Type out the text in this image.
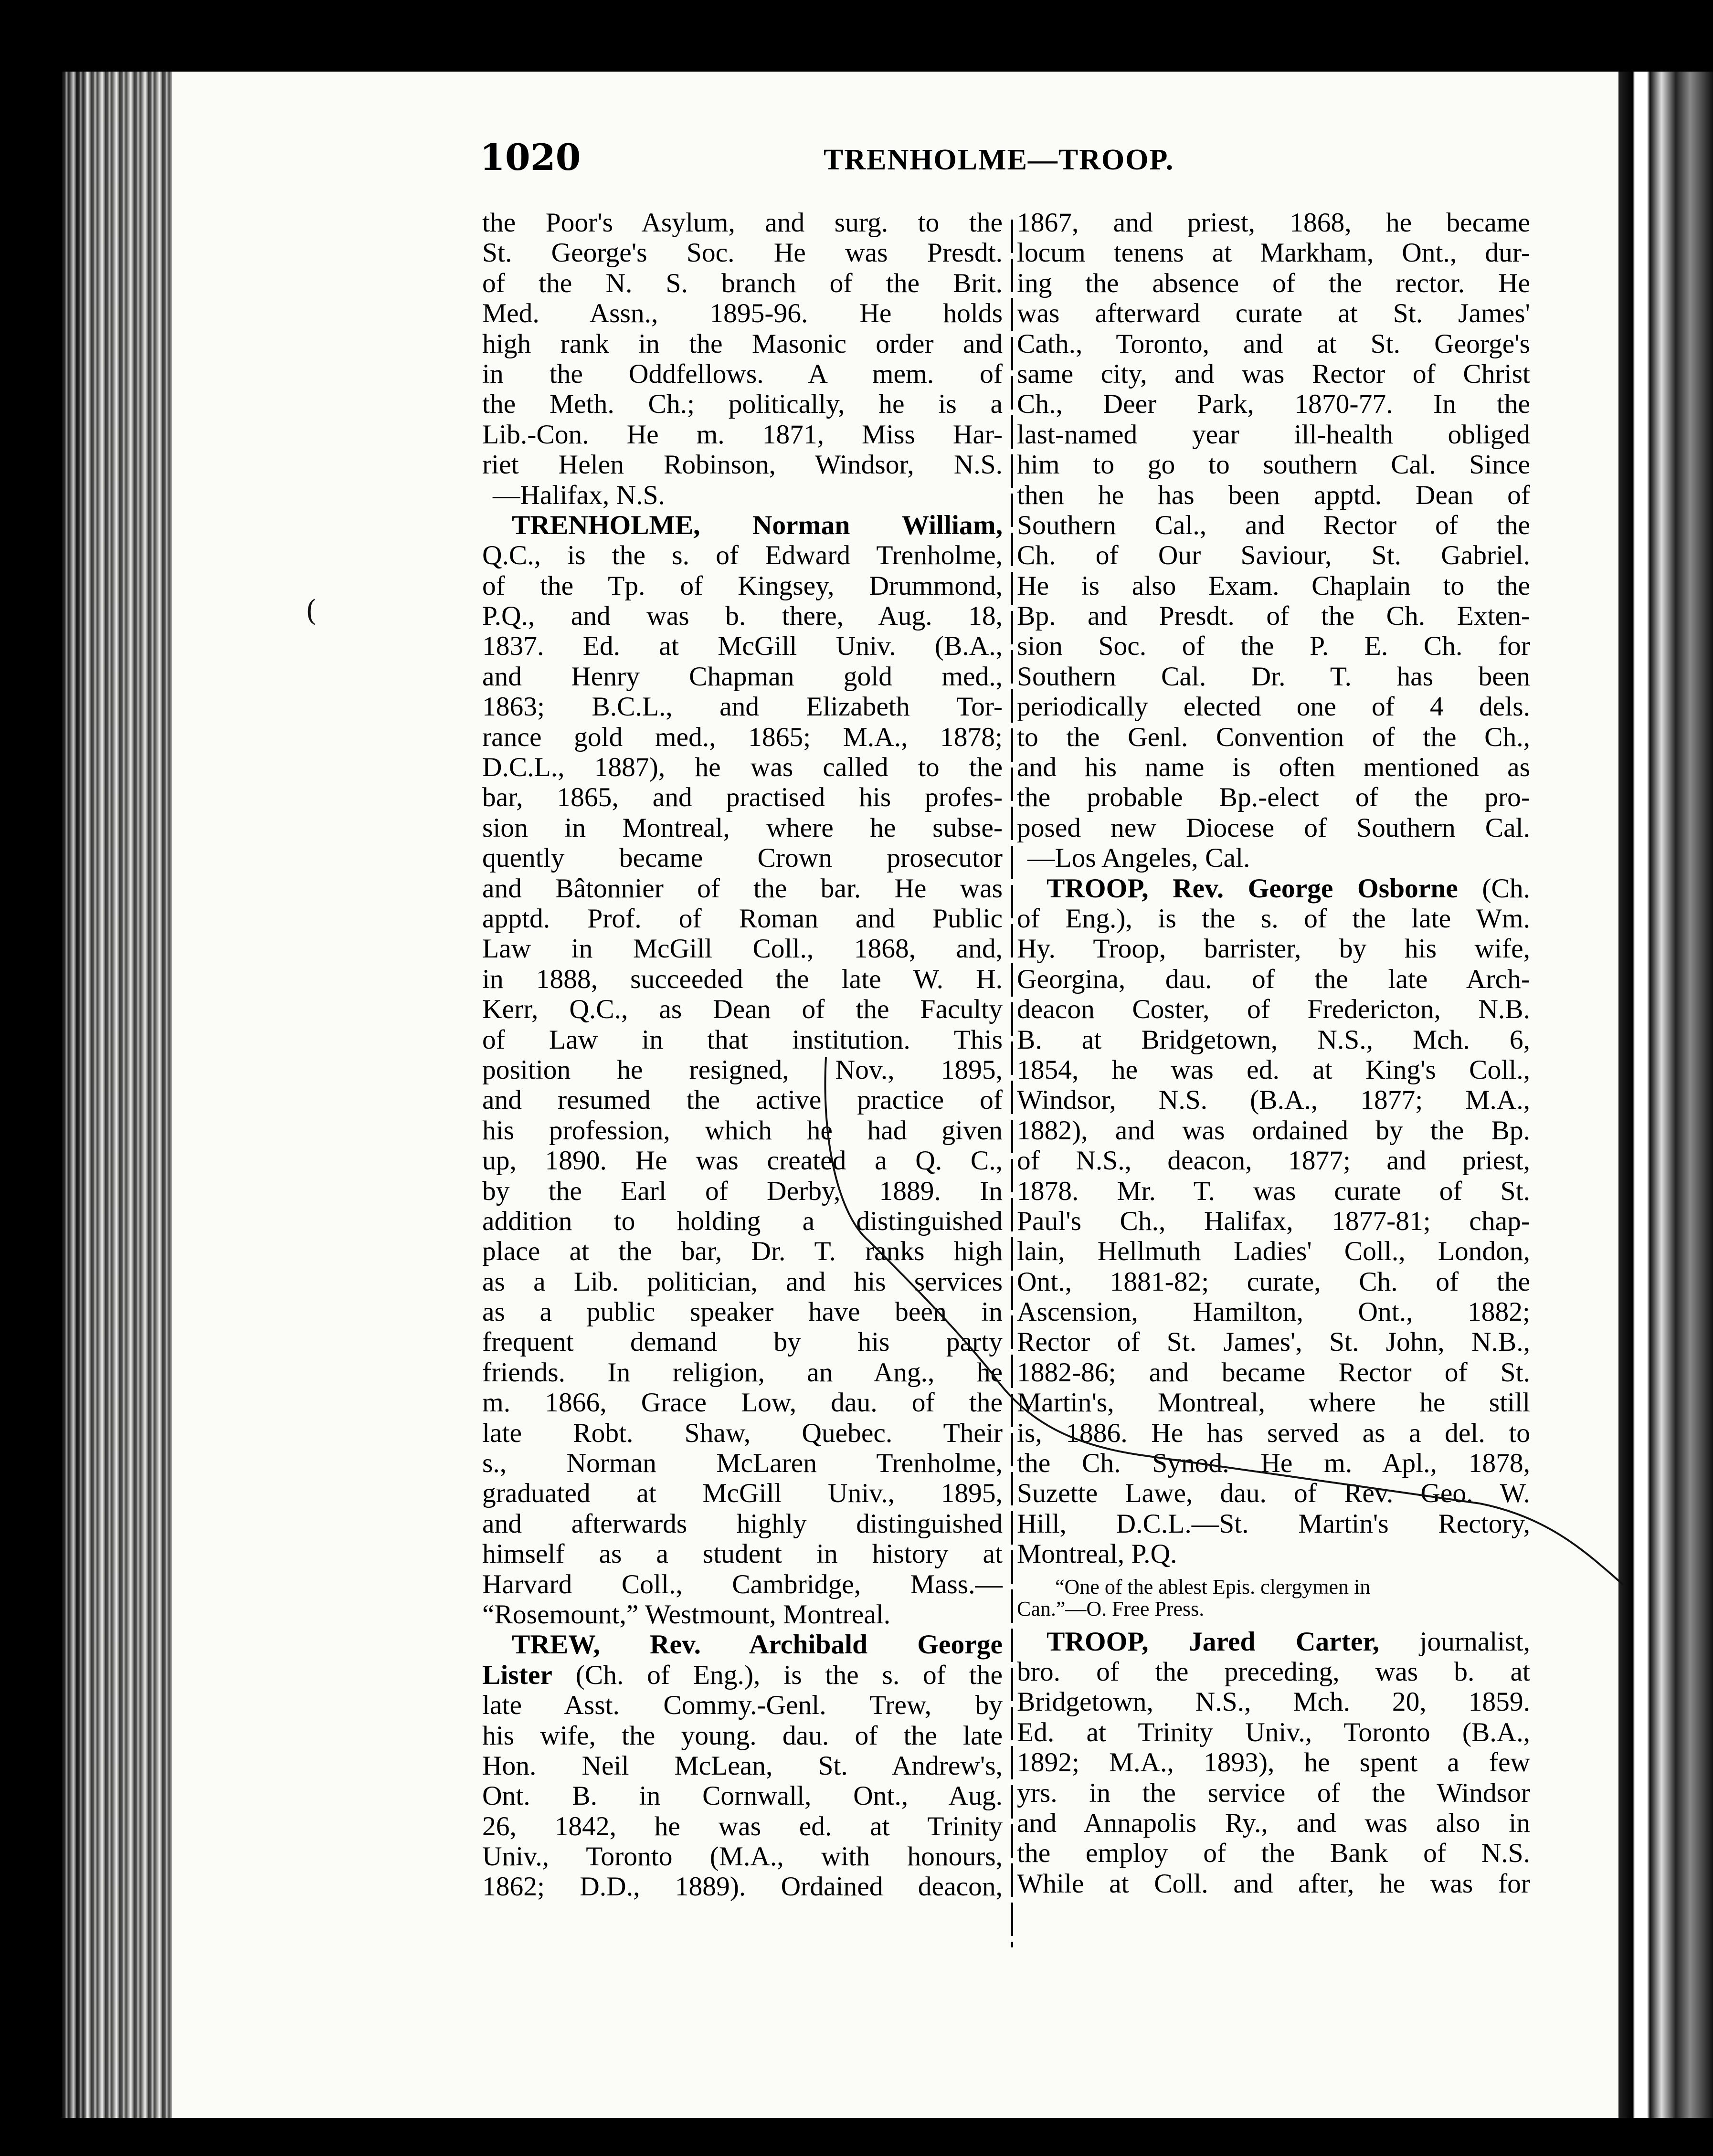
1020	TRENHOLME—TROOP.
(
the Poor's Asylum, and surg. to the
St. George's Soc. He was Presdt.
of the N. S. branch of the Brit.
Med. Assn., 1895-96. He holds
high rank in the Masonic order and
in the Oddfellows. A mem. of
the Meth. Ch.; politically, he is a
Lib.-Con. He m. 1871, Miss Har-
riet Helen Robinson, Windsor, N.S.
—Halifax, N.S.
TRENHOLME, Norman William,
Q.C., is the s. of Edward Trenholme,
of the Tp. of Kingsey, Drummond,
P.Q., and was b. there, Aug. 18,
1837. Ed. at McGill Univ. (B.A.,
and Henry Chapman gold med.,
1863; B.C.L., and Elizabeth Tor-
rance gold med., 1865; M.A., 1878;
D.C.L., 1887), he was called to the
bar, 1865, and practised his profes-
sion in Montreal, where he subse-
quently became Crown prosecutor
and Bâtonnier of the bar. He was
apptd. Prof. of Roman and Public
Law in McGill Coll., 1868, and,
in 1888, succeeded the late W. H.
Kerr, Q.C., as Dean of the Faculty
of Law in that institution. This
position he resigned, Nov., 1895,
and resumed the active practice of
his profession, which he had given
up, 1890. He was created a Q. C.,
by the Earl of Derby, 1889. In
addition to holding a distinguished
place at the bar, Dr. T. ranks high
as a Lib. politician, and his services
as a public speaker have been in
frequent demand by his party
friends. In religion, an Ang., he
m. 1866, Grace Low, dau. of the
late Robt. Shaw, Quebec. Their
s., Norman McLaren Trenholme,
graduated at McGill Univ., 1895,
and afterwards highly distinguished
himself as a student in history at
Harvard Coll., Cambridge, Mass.—
“Rosemount,” Westmount, Montreal.
TREW, Rev. Archibald George
Lister (Ch. of Eng.), is the s. of the
late Asst. Commy.-Genl. Trew, by
his wife, the young. dau. of the late
Hon. Neil McLean, St. Andrew's,
Ont. B. in Cornwall, Ont., Aug.
26, 1842, he was ed. at Trinity
Univ., Toronto (M.A., with honours,
1862; D.D., 1889). Ordained deacon,
1867, and priest, 1868, he became
locum tenens at Markham, Ont., dur-
ing the absence of the rector. He
was afterward curate at St. James'
Cath., Toronto, and at St. George's
same city, and was Rector of Christ
Ch., Deer Park, 1870-77. In the
last-named year ill-health obliged
him to go to southern Cal. Since
then he has been apptd. Dean of
Southern Cal., and Rector of the
Ch. of Our Saviour, St. Gabriel.
He is also Exam. Chaplain to the
Bp. and Presdt. of the Ch. Exten-
sion Soc. of the P. E. Ch. for
Southern Cal. Dr. T. has been
periodically elected one of 4 dels.
to the Genl. Convention of the Ch.,
and his name is often mentioned as
the probable Bp.-elect of the pro-
posed new Diocese of Southern Cal.
—Los Angeles, Cal.
TROOP, Rev. George Osborne (Ch.
of Eng.), is the s. of the late Wm.
Hy. Troop, barrister, by his wife,
Georgina, dau. of the late Arch-
deacon Coster, of Fredericton, N.B.
B. at Bridgetown, N.S., Mch. 6,
1854, he was ed. at King's Coll.,
Windsor, N.S. (B.A., 1877; M.A.,
1882), and was ordained by the Bp.
of N.S., deacon, 1877; and priest,
1878. Mr. T. was curate of St.
Paul's Ch., Halifax, 1877-81; chap-
lain, Hellmuth Ladies' Coll., London,
Ont., 1881-82; curate, Ch. of the
Ascension, Hamilton, Ont., 1882;
Rector of St. James', St. John, N.B.,
1882-86; and became Rector of St.
Martin's, Montreal, where he still
is, 1886. He has served as a del. to
the Ch. Synod. He m. Apl., 1878,
Suzette Lawe, dau. of Rev. Geo. W.
Hill, D.C.L.—St. Martin's Rectory,
Montreal, P.Q.
“One of the ablest Epis. clergymen in
Can.”—O. Free Press.
TROOP, Jared Carter, journalist,
bro. of the preceding, was b. at
Bridgetown, N.S., Mch. 20, 1859.
Ed. at Trinity Univ., Toronto (B.A.,
1892; M.A., 1893), he spent a few
yrs. in the service of the Windsor
and Annapolis Ry., and was also in
the employ of the Bank of N.S.
While at Coll. and after, he was for
